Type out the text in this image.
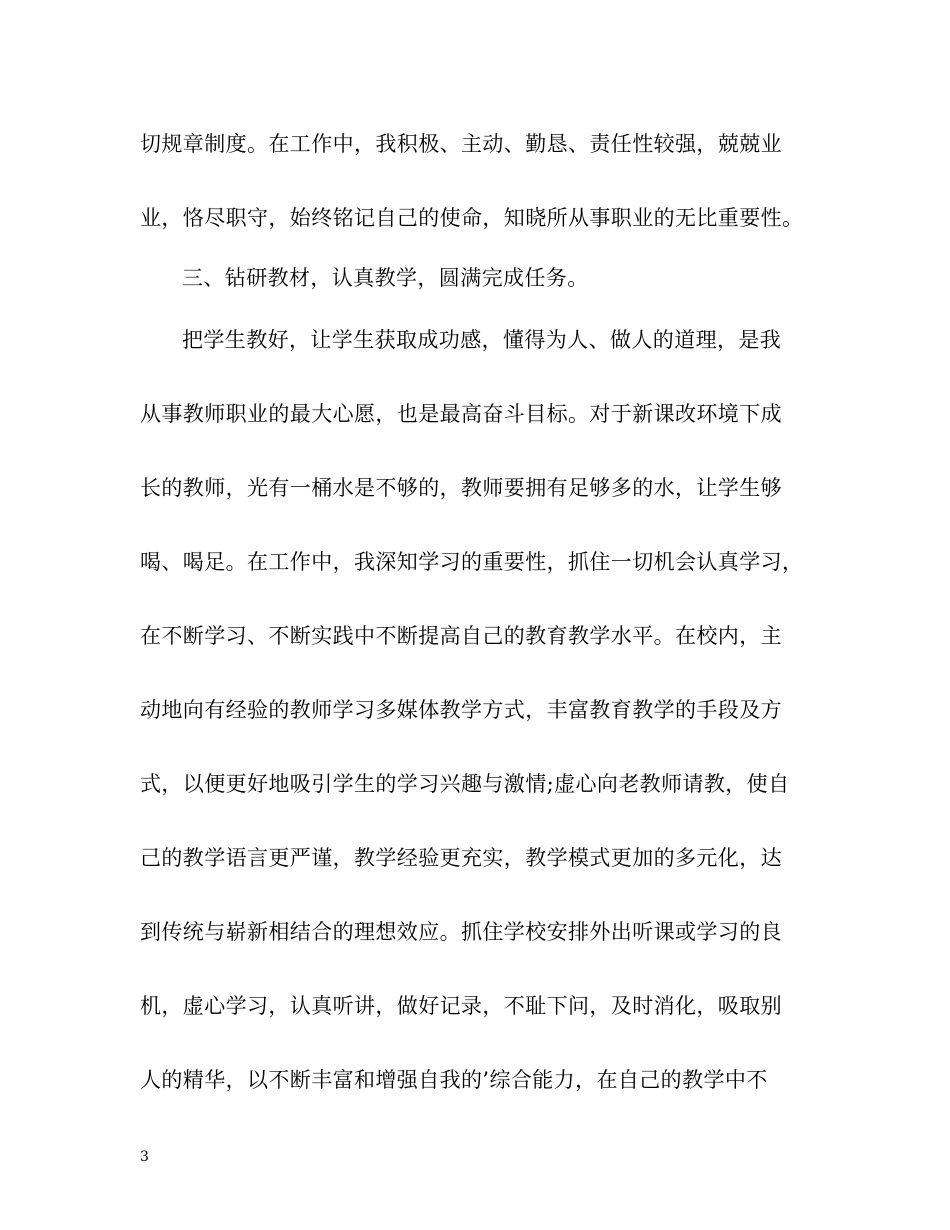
切规章制度。在工作中，我积极、主动、勤恳、责任性较强，兢兢业
业，恪尽职守，始终铭记自己的使命，知晓所从事职业的无比重要性。
三、钻研教材，认真教学，圆满完成任务。
把学生教好，让学生获取成功感，懂得为人、做人的道理，是我
从事教师职业的最大心愿，也是最高奋斗目标。对于新课改环境下成
长的教师，光有一桶水是不够的，教师要拥有足够多的水，让学生够
喝、喝足。在工作中，我深知学习的重要性，抓住一切机会认真学习，
在不断学习、不断实践中不断提高自己的教育教学水平。在校内，主
动地向有经验的教师学习多媒体教学方式，丰富教育教学的手段及方
式，以便更好地吸引学生的学习兴趣与激情;虚心向老教师请教，使自
己的教学语言更严谨，教学经验更充实，教学模式更加的多元化，达
到传统与崭新相结合的理想效应。抓住学校安排外出听课或学习的良
机，虚心学习，认真听讲，做好记录，不耻下问，及时消化，吸取别
人的精华，以不断丰富和增强自我的’综合能力，在自己的教学中不
3
